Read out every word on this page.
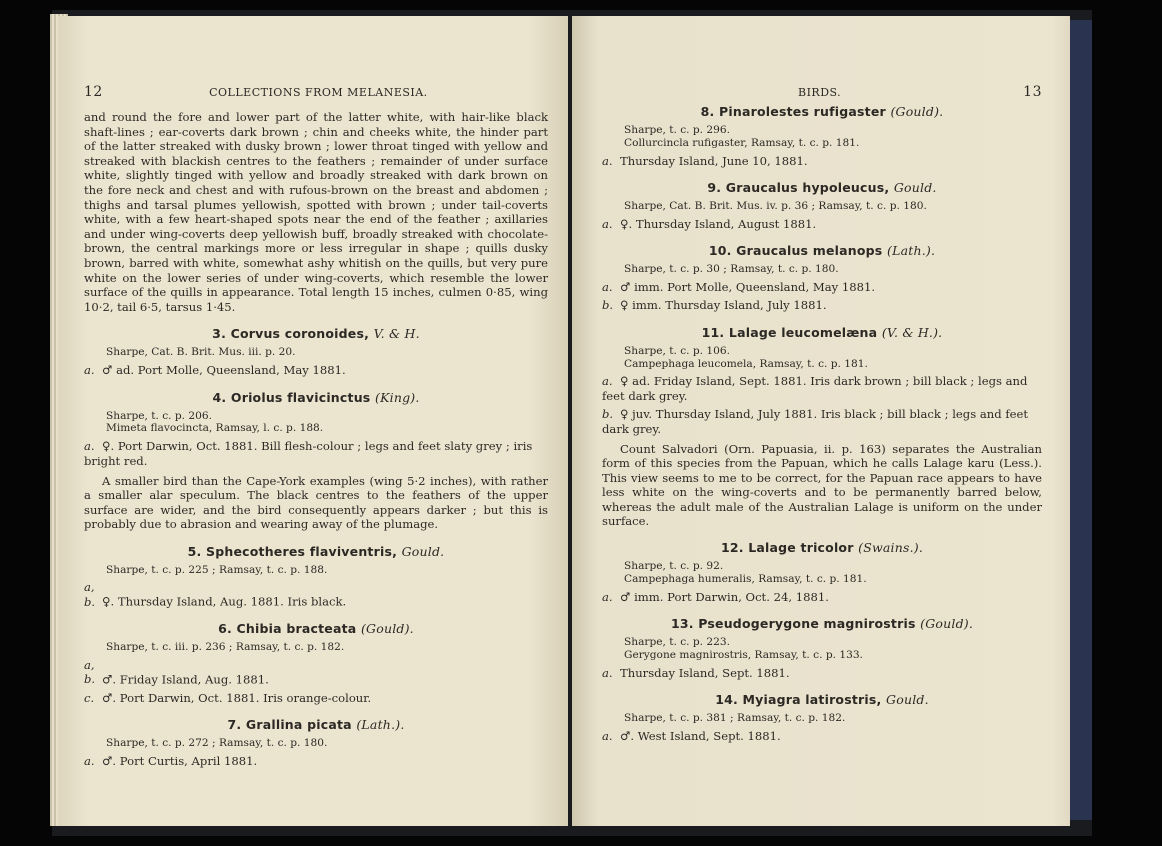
12	COLLECTIONS FROM MELANESIA.

and round the fore and lower part of the latter white, with hair-like black shaft-lines ; ear-coverts dark brown ; chin and cheeks white, the hinder part of the latter streaked with dusky brown ; lower throat tinged with yellow and streaked with blackish centres to the feathers ; remainder of under surface white, slightly tinged with yellow and broadly streaked with dark brown on the fore neck and chest and with rufous-brown on the breast and abdomen ; thighs and tarsal plumes yellowish, spotted with brown ; under tail-coverts white, with a few heart-shaped spots near the end of the feather ; axillaries and under wing-coverts deep yellowish buff, broadly streaked with chocolate-brown, the central markings more or less irregular in shape ; quills dusky brown, barred with white, somewhat ashy whitish on the quills, but very pure white on the lower series of under wing-coverts, which resemble the lower surface of the quills in appearance. Total length 15 inches, culmen 0·85, wing 10·2, tail 6·5, tarsus 1·45.

3. Corvus coronoides, V. & H.
Sharpe, Cat. B. Brit. Mus. iii. p. 20.
a. ♂ ad. Port Molle, Queensland, May 1881.
4. Oriolus flavicinctus (King).
Sharpe, t. c. p. 206.
Mimeta flavocincta, Ramsay, l. c. p. 188.
a. ♀. Port Darwin, Oct. 1881. Bill flesh-colour ; legs and feet slaty grey ; iris bright red.

A smaller bird than the Cape-York examples (wing 5·2 inches), with rather a smaller alar speculum. The black centres to the feathers of the upper surface are wider, and the bird consequently appears darker ; but this is probably due to abrasion and wearing away of the plumage.

5. Sphecotheres flaviventris, Gould.
Sharpe, t. c. p. 225 ; Ramsay, t. c. p. 188.
a, b. ♀. Thursday Island, Aug. 1881. Iris black.
6. Chibia bracteata (Gould).
Sharpe, t. c. iii. p. 236 ; Ramsay, t. c. p. 182.
a, b. ♂. Friday Island, Aug. 1881.
c. ♂. Port Darwin, Oct. 1881. Iris orange-colour.
7. Grallina picata (Lath.).
Sharpe, t. c. p. 272 ; Ramsay, t. c. p. 180.
a. ♂. Port Curtis, April 1881.
BIRDS.	13
8. Pinarolestes rufigaster (Gould).
Sharpe, t. c. p. 296.
Collurcincla rufigaster, Ramsay, t. c. p. 181.
a. Thursday Island, June 10, 1881.
9. Graucalus hypoleucus, Gould.
Sharpe, Cat. B. Brit. Mus. iv. p. 36 ; Ramsay, t. c. p. 180.
a. ♀. Thursday Island, August 1881.
10. Graucalus melanops (Lath.).
Sharpe, t. c. p. 30 ; Ramsay, t. c. p. 180.
a. ♂ imm. Port Molle, Queensland, May 1881.
b. ♀ imm. Thursday Island, July 1881.
11. Lalage leucomelæna (V. & H.).
Sharpe, t. c. p. 106.
Campephaga leucomela, Ramsay, t. c. p. 181.
a. ♀ ad. Friday Island, Sept. 1881. Iris dark brown ; bill black ; legs and feet dark grey.
b. ♀ juv. Thursday Island, July 1881. Iris black ; bill black ; legs and feet dark grey.

Count Salvadori (Orn. Papuasia, ii. p. 163) separates the Australian form of this species from the Papuan, which he calls Lalage karu (Less.). This view seems to me to be correct, for the Papuan race appears to have less white on the wing-coverts and to be permanently barred below, whereas the adult male of the Australian Lalage is uniform on the under surface.

12. Lalage tricolor (Swains.).
Sharpe, t. c. p. 92.
Campephaga humeralis, Ramsay, t. c. p. 181.
a. ♂ imm. Port Darwin, Oct. 24, 1881.
13. Pseudogerygone magnirostris (Gould).
Sharpe, t. c. p. 223.
Gerygone magnirostris, Ramsay, t. c. p. 133.
a. Thursday Island, Sept. 1881.
14. Myiagra latirostris, Gould.
Sharpe, t. c. p. 381 ; Ramsay, t. c. p. 182.
a. ♂. West Island, Sept. 1881.
